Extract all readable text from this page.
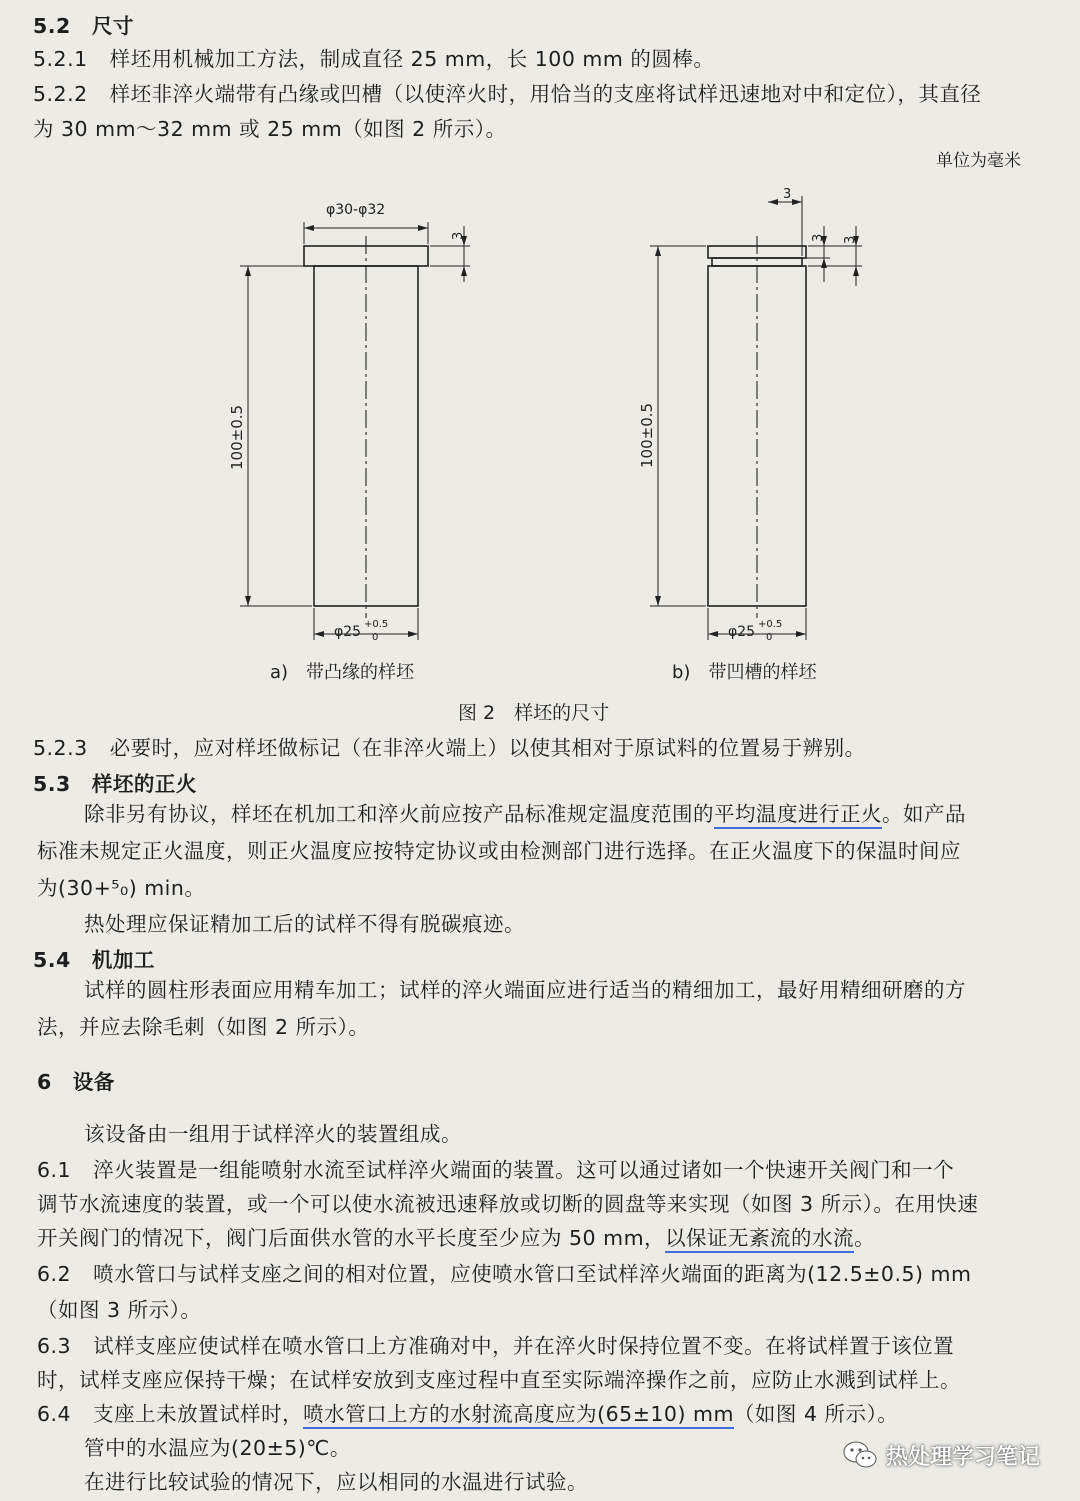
5.2　尺寸
5.2.1 样坯用机械加工方法，制成直径 25 mm，长 100 mm 的圆棒。
5.2.2 样坯非淬火端带有凸缘或凹槽（以使淬火时，用恰当的支座将试样迅速地对中和定位），其直径
为 30 mm～32 mm 或 25 mm（如图 2 所示）。
单位为毫米
φ30-φ32
3
100±0.5
φ25 +0.5
0
3
3 3
100±0.5
φ25 +0.5
0
a)　带凸缘的样坯	b)　带凹槽的样坯
图 2　样坯的尺寸
5.2.3 必要时，应对样坯做标记（在非淬火端上）以使其相对于原试料的位置易于辨别。
5.3　样坯的正火
除非另有协议，样坯在机加工和淬火前应按产品标准规定温度范围的平均温度进行正火。如产品
标准未规定正火温度，则正火温度应按特定协议或由检测部门进行选择。在正火温度下的保温时间应
为(30+⁵₀) min。
热处理应保证精加工后的试样不得有脱碳痕迹。
5.4　机加工
试样的圆柱形表面应用精车加工；试样的淬火端面应进行适当的精细加工，最好用精细研磨的方
法，并应去除毛刺（如图 2 所示）。
6　设备
该设备由一组用于试样淬火的装置组成。
6.1 淬火装置是一组能喷射水流至试样淬火端面的装置。这可以通过诸如一个快速开关阀门和一个
调节水流速度的装置，或一个可以使水流被迅速释放或切断的圆盘等来实现（如图 3 所示）。在用快速
开关阀门的情况下，阀门后面供水管的水平长度至少应为 50 mm，以保证无紊流的水流。
6.2 喷水管口与试样支座之间的相对位置，应使喷水管口至试样淬火端面的距离为(12.5±0.5) mm
（如图 3 所示）。
6.3 试样支座应使试样在喷水管口上方准确对中，并在淬火时保持位置不变。在将试样置于该位置
时，试样支座应保持干燥；在试样安放到支座过程中直至实际端淬操作之前，应防止水溅到试样上。
6.4 支座上未放置试样时，喷水管口上方的水射流高度应为(65±10) mm（如图 4 所示）。
管中的水温应为(20±5)℃。
在进行比较试验的情况下，应以相同的水温进行试验。
热处理学习笔记
